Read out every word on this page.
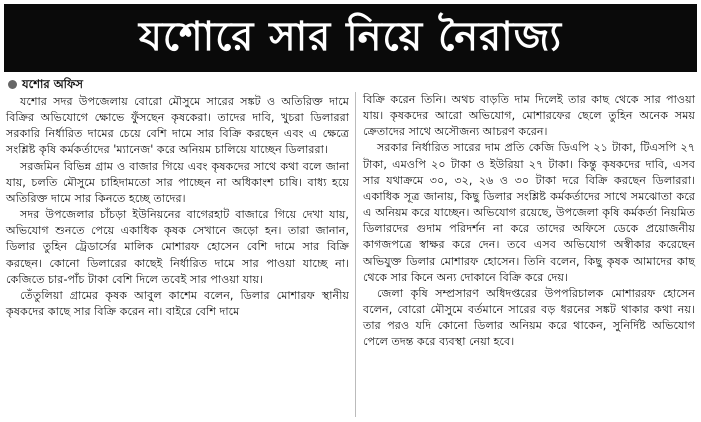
যশোরে সার নিয়ে নৈরাজ্য
যশোর অফিস

যশোর সদর উপজেলায় বোরো মৌসুমে সারের সঙ্কট ও অতিরিক্ত দামে বিক্রির অভিযোগে ক্ষোভে ফুঁসছেন কৃষকেরা। তাদের দাবি, খুচরা ডিলাররা সরকারি নির্ধারিত দামের চেয়ে বেশি দামে সার বিক্রি করছেন এবং এ ক্ষেত্রে সংশ্লিষ্ট কৃষি কর্মকর্তাদের 'ম্যানেজ' করে অনিয়ম চালিয়ে যাচ্ছেন ডিলাররা।

সরজমিন বিভিন্ন গ্রাম ও বাজার গিয়ে এবং কৃষকদের সাথে কথা বলে জানা যায়, চলতি মৌসুমে চাহিদামতো সার পাচ্ছেন না অধিকাংশ চাষি। বাধ্য হয়ে অতিরিক্ত দামে সার কিনতে হচ্ছে তাদের।

সদর উপজেলার চাঁচড়া ইউনিয়নের বাগেরহাট বাজারে গিয়ে দেখা যায়, অভিযোগ শুনতে পেয়ে একাধিক কৃষক সেখানে জড়ো হন। তারা জানান, ডিলার তুহিন ট্রেডার্সের মালিক মোশারফ হোসেন বেশি দামে সার বিক্রি করছেন। কোনো ডিলারের কাছেই নির্ধারিত দামে সার পাওয়া যাচ্ছে না। কেজিতে চার-পাঁচ টাকা বেশি দিলে তবেই সার পাওয়া যায়।

তেঁতুলিয়া গ্রামের কৃষক আবুল কাশেম বলেন, ডিলার মোশারফ স্থানীয় কৃষকদের কাছে সার বিক্রি করেন না। বাইরে বেশি দামে

বিক্রি করেন তিনি। অথচ বাড়তি দাম দিলেই তার কাছ থেকে সার পাওয়া যায়। কৃষকদের আরো অভিযোগ, মোশারফের ছেলে তুহিন অনেক সময় ক্রেতাদের সাথে অসৌজন্য আচরণ করেন।

সরকার নির্ধারিত সারের দাম প্রতি কেজি ডিএপি ২১ টাকা, টিএসপি ২৭ টাকা, এমওপি ২০ টাকা ও ইউরিয়া ২৭ টাকা। কিন্তু কৃষকদের দাবি, এসব সার যথাক্রমে ৩০, ৩২, ২৬ ও ৩০ টাকা দরে বিক্রি করছেন ডিলাররা। একাধিক সূত্র জানায়, কিছু ডিলার সংশ্লিষ্ট কর্মকর্তাদের সাথে সমঝোতা করে এ অনিয়ম করে যাচ্ছেন। অভিযোগ রয়েছে, উপজেলা কৃষি কর্মকর্তা নিয়মিত ডিলারদের গুদাম পরিদর্শন না করে তাদের অফিসে ডেকে প্রয়োজনীয় কাগজপত্রে স্বাক্ষর করে দেন। তবে এসব অভিযোগ অস্বীকার করেছেন অভিযুক্ত ডিলার মোশারফ হোসেন। তিনি বলেন, কিছু কৃষক আমাদের কাছ থেকে সার কিনে অন্য দোকানে বিক্রি করে দেয়।

জেলা কৃষি সম্প্রসারণ অধিদপ্তরের উপপরিচালক মোশাররফ হোসেন বলেন, বোরো মৌসুমে বর্তমানে সারের বড় ধরনের সঙ্কট থাকার কথা নয়। তার পরও যদি কোনো ডিলার অনিয়ম করে থাকেন, সুনির্দিষ্ট অভিযোগ পেলে তদন্ত করে ব্যবস্থা নেয়া হবে।
